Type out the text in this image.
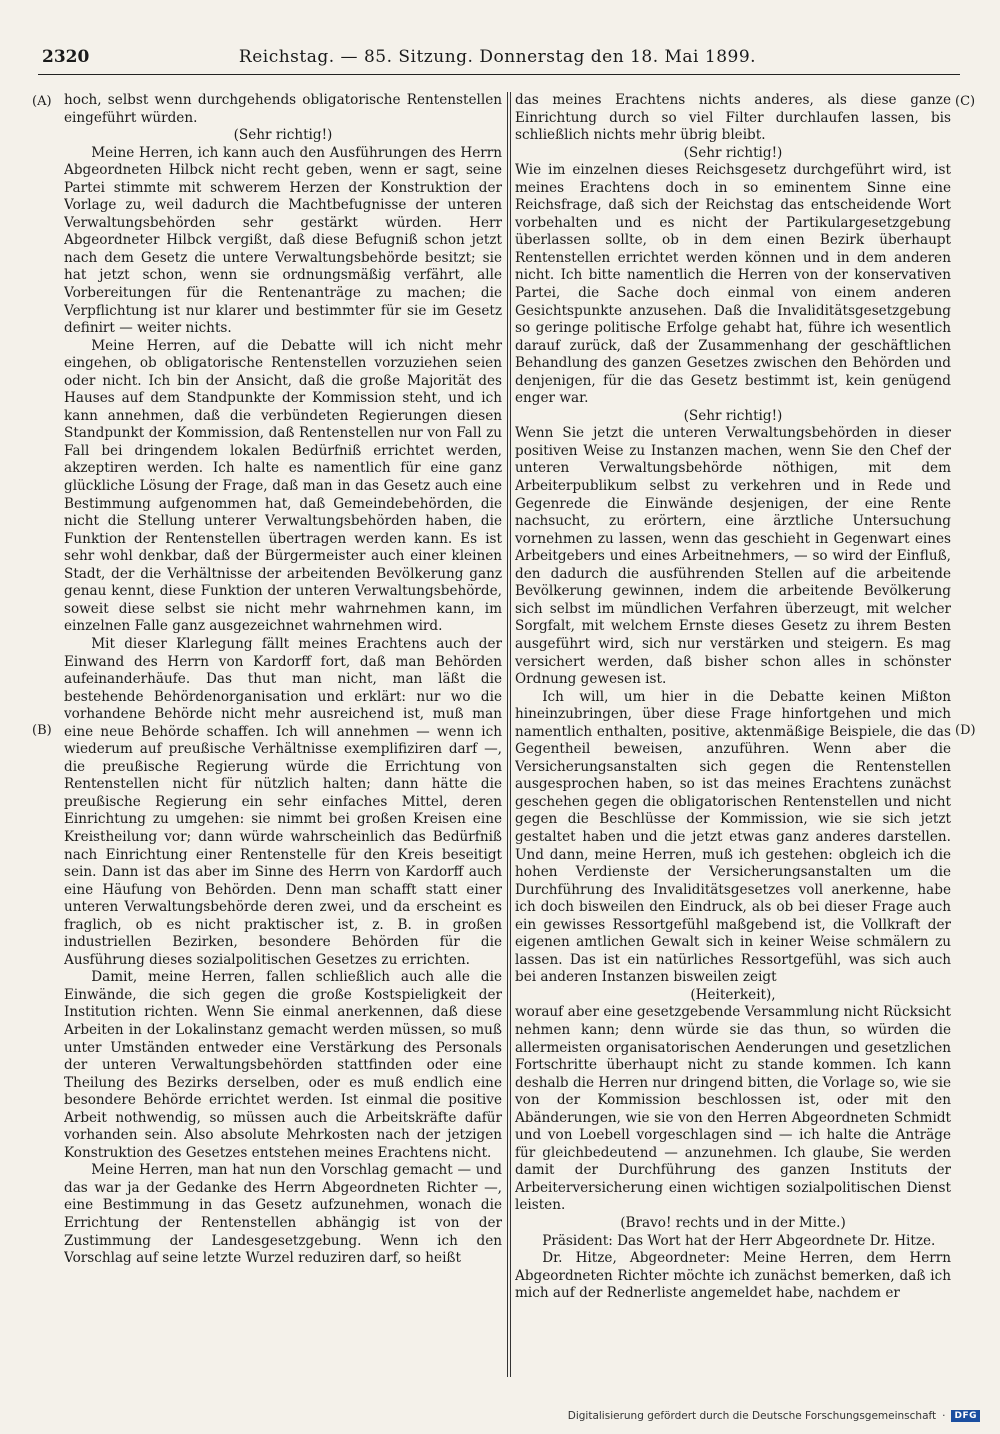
2320	Reichstag. — 85. Sitzung. Donnerstag den 18. Mai 1899.
(A)
(B)
(C)
(D)

hoch, selbst wenn durchgehends obligatorische Rentenstellen eingeführt würden.

(Sehr richtig!)

Meine Herren, ich kann auch den Ausführungen des Herrn Abgeordneten Hilbck nicht recht geben, wenn er sagt, seine Partei stimmte mit schwerem Herzen der Konstruktion der Vorlage zu, weil dadurch die Machtbefugnisse der unteren Verwaltungsbehörden sehr gestärkt würden. Herr Abgeordneter Hilbck vergißt, daß diese Befugniß schon jetzt nach dem Gesetz die untere Verwaltungsbehörde besitzt; sie hat jetzt schon, wenn sie ordnungsmäßig verfährt, alle Vorbereitungen für die Rentenanträge zu machen; die Verpflichtung ist nur klarer und bestimmter für sie im Gesetz definirt — weiter nichts.

Meine Herren, auf die Debatte will ich nicht mehr eingehen, ob obligatorische Rentenstellen vorzuziehen seien oder nicht. Ich bin der Ansicht, daß die große Majorität des Hauses auf dem Standpunkte der Kommission steht, und ich kann annehmen, daß die verbündeten Regierungen diesen Standpunkt der Kommission, daß Rentenstellen nur von Fall zu Fall bei dringendem lokalen Bedürfniß errichtet werden, akzeptiren werden. Ich halte es namentlich für eine ganz glückliche Lösung der Frage, daß man in das Gesetz auch eine Bestimmung aufgenommen hat, daß Gemeindebehörden, die nicht die Stellung unterer Verwaltungsbehörden haben, die Funktion der Rentenstellen übertragen werden kann. Es ist sehr wohl denkbar, daß der Bürgermeister auch einer kleinen Stadt, der die Verhältnisse der arbeitenden Bevölkerung ganz genau kennt, diese Funktion der unteren Verwaltungsbehörde, soweit diese selbst sie nicht mehr wahrnehmen kann, im einzelnen Falle ganz ausgezeichnet wahrnehmen wird.

Mit dieser Klarlegung fällt meines Erachtens auch der Einwand des Herrn von Kardorff fort, daß man Behörden aufeinanderhäufe. Das thut man nicht, man läßt die bestehende Behördenorganisation und erklärt: nur wo die vorhandene Behörde nicht mehr ausreichend ist, muß man eine neue Behörde schaffen. Ich will annehmen — wenn ich wiederum auf preußische Verhältnisse exemplifiziren darf —, die preußische Regierung würde die Errichtung von Rentenstellen nicht für nützlich halten; dann hätte die preußische Regierung ein sehr einfaches Mittel, deren Einrichtung zu umgehen: sie nimmt bei großen Kreisen eine Kreistheilung vor; dann würde wahrscheinlich das Bedürfniß nach Einrichtung einer Rentenstelle für den Kreis beseitigt sein. Dann ist das aber im Sinne des Herrn von Kardorff auch eine Häufung von Behörden. Denn man schafft statt einer unteren Verwaltungsbehörde deren zwei, und da erscheint es fraglich, ob es nicht praktischer ist, z. B. in großen industriellen Bezirken, besondere Behörden für die Ausführung dieses sozialpolitischen Gesetzes zu errichten.

Damit, meine Herren, fallen schließlich auch alle die Einwände, die sich gegen die große Kostspieligkeit der Institution richten. Wenn Sie einmal anerkennen, daß diese Arbeiten in der Lokalinstanz gemacht werden müssen, so muß unter Umständen entweder eine Verstärkung des Personals der unteren Verwaltungsbehörden stattfinden oder eine Theilung des Bezirks derselben, oder es muß endlich eine besondere Behörde errichtet werden. Ist einmal die positive Arbeit nothwendig, so müssen auch die Arbeitskräfte dafür vorhanden sein. Also absolute Mehrkosten nach der jetzigen Konstruktion des Gesetzes entstehen meines Erachtens nicht.

Meine Herren, man hat nun den Vorschlag gemacht — und das war ja der Gedanke des Herrn Abgeordneten Richter —, eine Bestimmung in das Gesetz aufzunehmen, wonach die Errichtung der Rentenstellen abhängig ist von der Zustimmung der Landesgesetzgebung. Wenn ich den Vorschlag auf seine letzte Wurzel reduziren darf, so heißt

das meines Erachtens nichts anderes, als diese ganze Einrichtung durch so viel Filter durchlaufen lassen, bis schließlich nichts mehr übrig bleibt.

(Sehr richtig!)

Wie im einzelnen dieses Reichsgesetz durchgeführt wird, ist meines Erachtens doch in so eminentem Sinne eine Reichsfrage, daß sich der Reichstag das entscheidende Wort vorbehalten und es nicht der Partikulargesetzgebung überlassen sollte, ob in dem einen Bezirk überhaupt Rentenstellen errichtet werden können und in dem anderen nicht. Ich bitte namentlich die Herren von der konservativen Partei, die Sache doch einmal von einem anderen Gesichtspunkte anzusehen. Daß die Invaliditätsgesetzgebung so geringe politische Erfolge gehabt hat, führe ich wesentlich darauf zurück, daß der Zusammenhang der geschäftlichen Behandlung des ganzen Gesetzes zwischen den Behörden und denjenigen, für die das Gesetz bestimmt ist, kein genügend enger war.

(Sehr richtig!)

Wenn Sie jetzt die unteren Verwaltungsbehörden in dieser positiven Weise zu Instanzen machen, wenn Sie den Chef der unteren Verwaltungsbehörde nöthigen, mit dem Arbeiterpublikum selbst zu verkehren und in Rede und Gegenrede die Einwände desjenigen, der eine Rente nachsucht, zu erörtern, eine ärztliche Untersuchung vornehmen zu lassen, wenn das geschieht in Gegenwart eines Arbeitgebers und eines Arbeitnehmers, — so wird der Einfluß, den dadurch die ausführenden Stellen auf die arbeitende Bevölkerung gewinnen, indem die arbeitende Bevölkerung sich selbst im mündlichen Verfahren überzeugt, mit welcher Sorgfalt, mit welchem Ernste dieses Gesetz zu ihrem Besten ausgeführt wird, sich nur verstärken und steigern. Es mag versichert werden, daß bisher schon alles in schönster Ordnung gewesen ist.

Ich will, um hier in die Debatte keinen Mißton hineinzubringen, über diese Frage hinfortgehen und mich namentlich enthalten, positive, aktenmäßige Beispiele, die das Gegentheil beweisen, anzuführen. Wenn aber die Versicherungsanstalten sich gegen die Rentenstellen ausgesprochen haben, so ist das meines Erachtens zunächst geschehen gegen die obligatorischen Rentenstellen und nicht gegen die Beschlüsse der Kommission, wie sie sich jetzt gestaltet haben und die jetzt etwas ganz anderes darstellen. Und dann, meine Herren, muß ich gestehen: obgleich ich die hohen Verdienste der Versicherungsanstalten um die Durchführung des Invaliditätsgesetzes voll anerkenne, habe ich doch bisweilen den Eindruck, als ob bei dieser Frage auch ein gewisses Ressortgefühl maßgebend ist, die Vollkraft der eigenen amtlichen Gewalt sich in keiner Weise schmälern zu lassen. Das ist ein natürliches Ressortgefühl, was sich auch bei anderen Instanzen bisweilen zeigt

(Heiterkeit),

worauf aber eine gesetzgebende Versammlung nicht Rücksicht nehmen kann; denn würde sie das thun, so würden die allermeisten organisatorischen Aenderungen und gesetzlichen Fortschritte überhaupt nicht zu stande kommen. Ich kann deshalb die Herren nur dringend bitten, die Vorlage so, wie sie von der Kommission beschlossen ist, oder mit den Abänderungen, wie sie von den Herren Abgeordneten Schmidt und von Loebell vorgeschlagen sind — ich halte die Anträge für gleichbedeutend — anzunehmen. Ich glaube, Sie werden damit der Durchführung des ganzen Instituts der Arbeiterversicherung einen wichtigen sozialpolitischen Dienst leisten.

(Bravo! rechts und in der Mitte.)

Präsident: Das Wort hat der Herr Abgeordnete Dr. Hitze.

Dr. Hitze, Abgeordneter: Meine Herren, dem Herrn Abgeordneten Richter möchte ich zunächst bemerken, daß ich mich auf der Rednerliste angemeldet habe, nachdem er

Digitalisierung gefördert durch die Deutsche Forschungsgemeinschaft ·	DFG
